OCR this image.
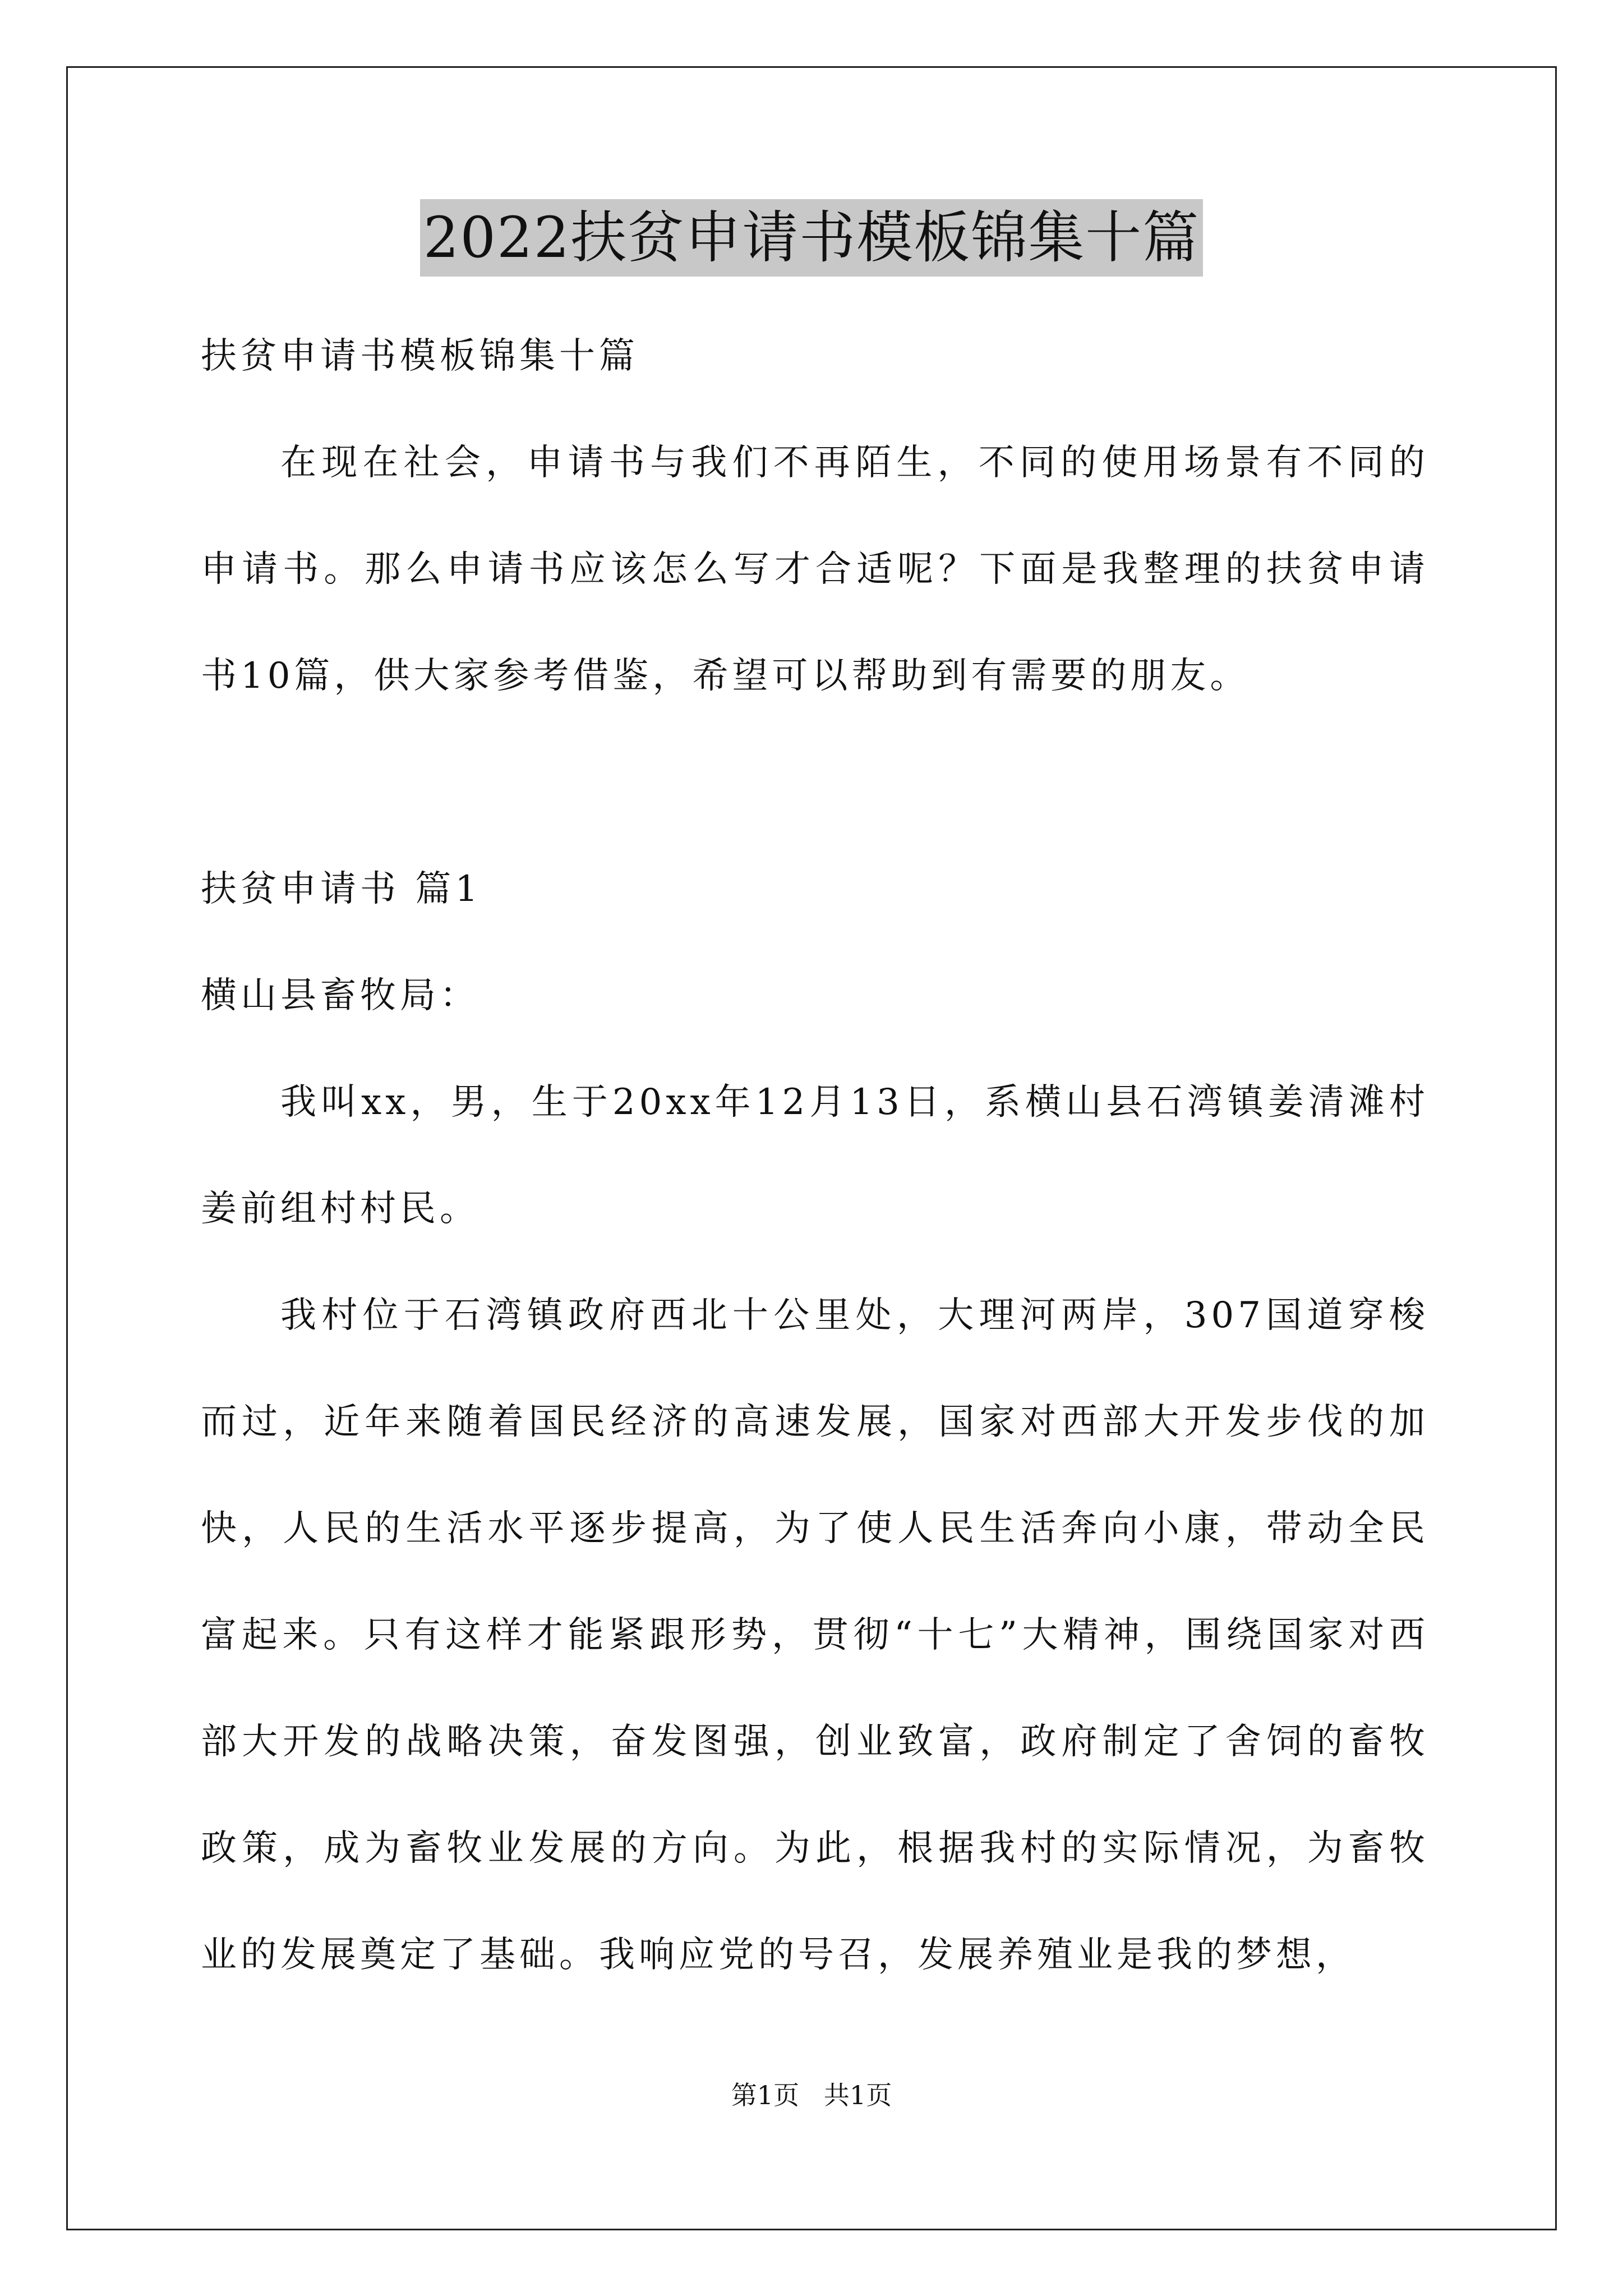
2022扶贫申请书模板锦集十篇

扶贫申请书模板锦集十篇

在现在社会，申请书与我们不再陌生，不同的使用场景有不同的申请书。那么申请书应该怎么写才合适呢？下面是我整理的扶贫申请书10篇，供大家参考借鉴，希望可以帮助到有需要的朋友。

扶贫申请书 篇1

横山县畜牧局：

我叫xx，男，生于20xx年12月13日，系横山县石湾镇姜清滩村姜前组村村民。

我村位于石湾镇政府西北十公里处，大理河两岸，307国道穿梭而过，近年来随着国民经济的高速发展，国家对西部大开发步伐的加快，人民的生活水平逐步提高，为了使人民生活奔向小康，带动全民富起来。只有这样才能紧跟形势，贯彻“十七”大精神，围绕国家对西部大开发的战略决策，奋发图强，创业致富，政府制定了舍饲的畜牧政策，成为畜牧业发展的方向。为此，根据我村的实际情况，为畜牧业的发展奠定了基础。我响应党的号召，发展养殖业是我的梦想，

第1页   共1页
